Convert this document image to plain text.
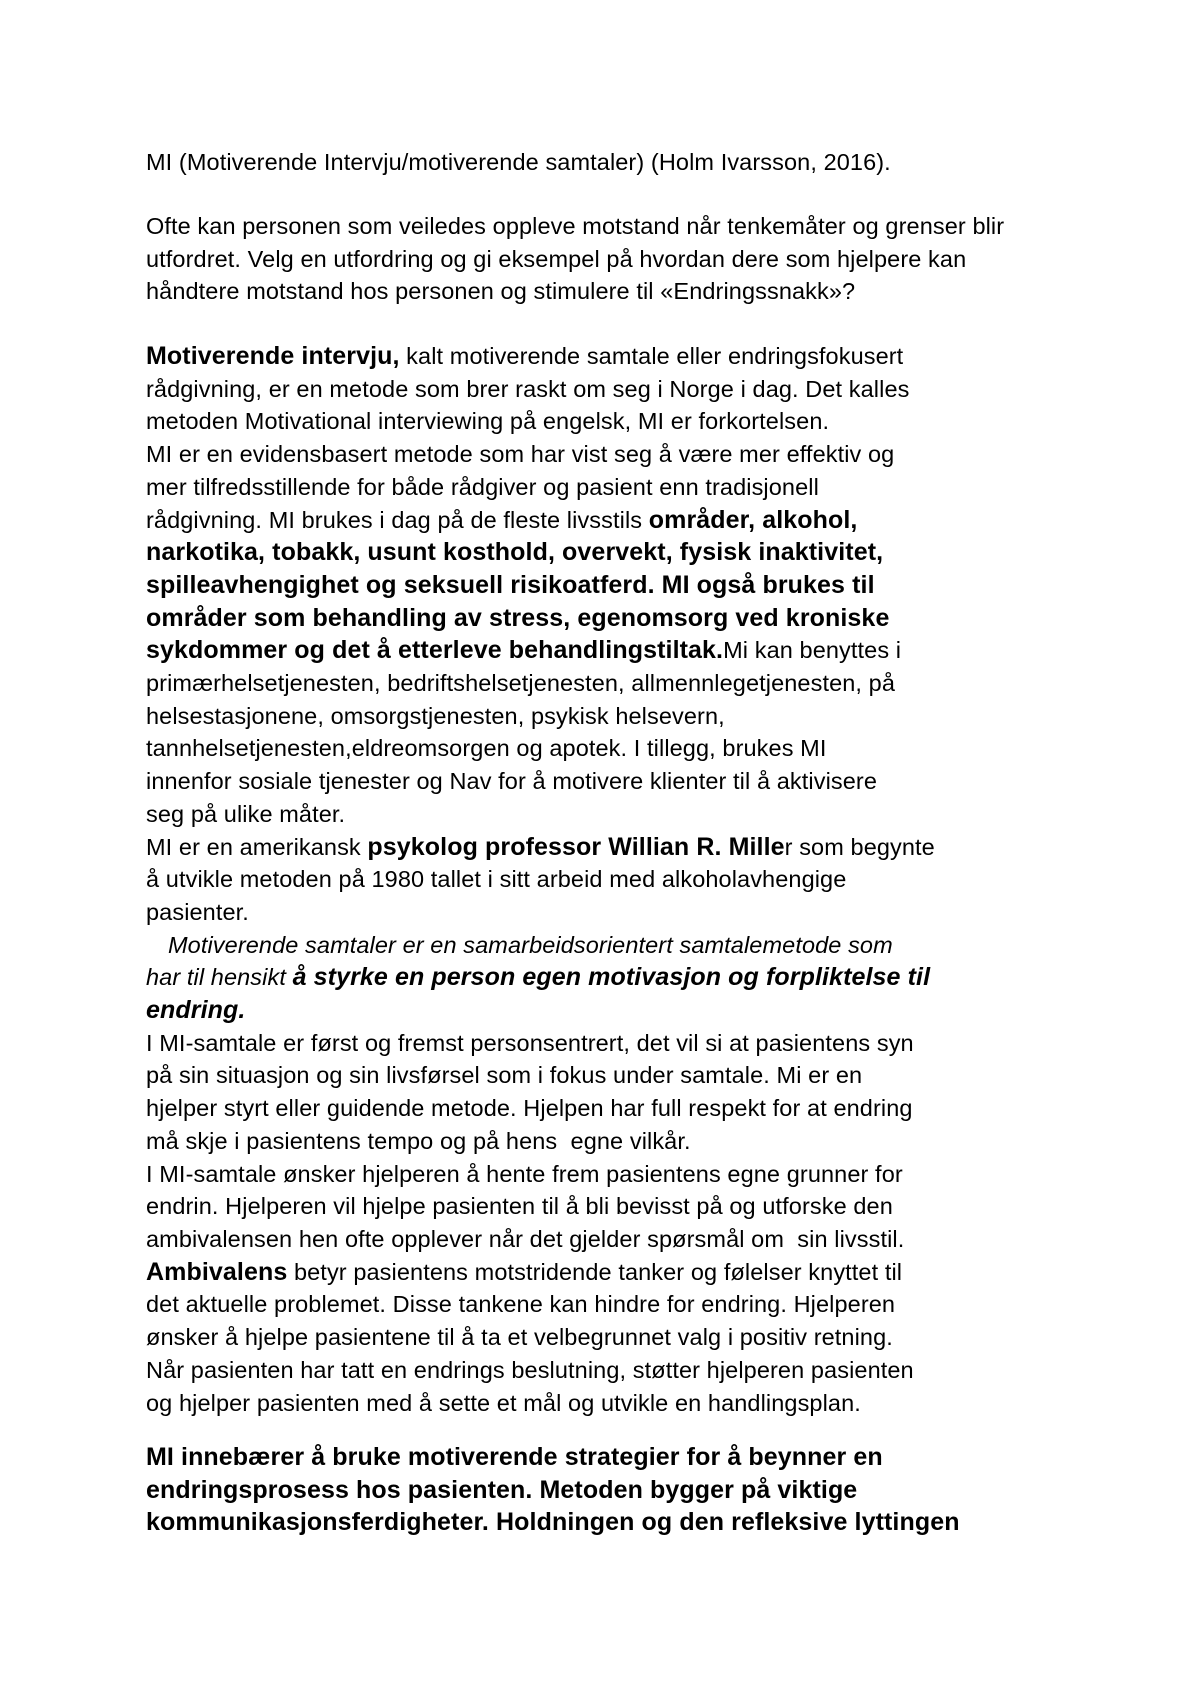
MI (Motiverende Intervju/motiverende samtaler) (Holm Ivarsson, 2016).

Ofte kan personen som veiledes oppleve motstand når tenkemåter og grenser blir
utfordret. Velg en utfordring og gi eksempel på hvordan dere som hjelpere kan
håndtere motstand hos personen og stimulere til «Endringssnakk»?

Motiverende intervju, kalt motiverende samtale eller endringsfokusert
rådgivning, er en metode som brer raskt om seg i Norge i dag. Det kalles
metoden Motivational interviewing på engelsk, MI er forkortelsen.
MI er en evidensbasert metode som har vist seg å være mer effektiv og
mer tilfredsstillende for både rådgiver og pasient enn tradisjonell
rådgivning. MI brukes i dag på de fleste livsstils områder, alkohol,
narkotika, tobakk, usunt kosthold, overvekt, fysisk inaktivitet,
spilleavhengighet og seksuell risikoatferd. MI også brukes til
områder som behandling av stress, egenomsorg ved kroniske
sykdommer og det å etterleve behandlingstiltak.Mi kan benyttes i
primærhelsetjenesten, bedriftshelsetjenesten, allmennlegetjenesten, på
helsestasjonene, omsorgstjenesten, psykisk helsevern,
tannhelsetjenesten,eldreomsorgen og apotek. I tillegg, brukes MI
innenfor sosiale tjenester og Nav for å motivere klienter til å aktivisere
seg på ulike måter.
MI er en amerikansk psykolog professor Willian R. Miller som begynte
å utvikle metoden på 1980 tallet i sitt arbeid med alkoholavhengige
pasienter.
Motiverende samtaler er en samarbeidsorientert samtalemetode som
har til hensikt å styrke en person egen motivasjon og forpliktelse til
endring.
I MI-samtale er først og fremst personsentrert, det vil si at pasientens syn
på sin situasjon og sin livsførsel som i fokus under samtale. Mi er en
hjelper styrt eller guidende metode. Hjelpen har full respekt for at endring
må skje i pasientens tempo og på hens  egne vilkår.
I MI-samtale ønsker hjelperen å hente frem pasientens egne grunner for
endrin. Hjelperen vil hjelpe pasienten til å bli bevisst på og utforske den
ambivalensen hen ofte opplever når det gjelder spørsmål om  sin livsstil.
Ambivalens betyr pasientens motstridende tanker og følelser knyttet til
det aktuelle problemet. Disse tankene kan hindre for endring. Hjelperen
ønsker å hjelpe pasientene til å ta et velbegrunnet valg i positiv retning.
Når pasienten har tatt en endrings beslutning, støtter hjelperen pasienten
og hjelper pasienten med å sette et mål og utvikle en handlingsplan.

MI innebærer å bruke motiverende strategier for å beynner en
endringsprosess hos pasienten. Metoden bygger på viktige
kommunikasjonsferdigheter. Holdningen og den refleksive lyttingen
